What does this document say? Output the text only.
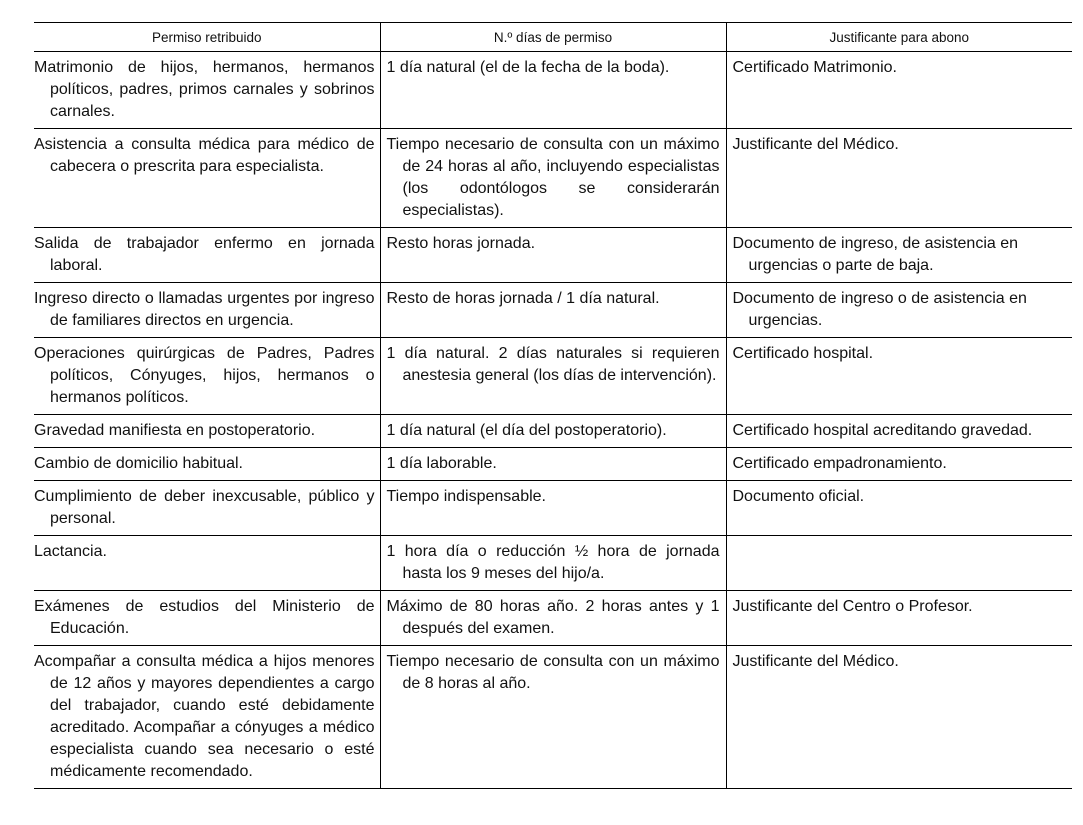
Permiso retribuido	N.º días de permiso	Justificante para abono
Matrimonio de hijos, hermanos, hermanos políticos, padres, primos carnales y sobrinos carnales.	1 día natural (el de la fecha de la boda).	Certificado Matrimonio.
Asistencia a consulta médica para médico de cabecera o prescrita para especialista.	Tiempo necesario de consulta con un máximo de 24 horas al año, incluyendo especialistas (los odontólogos se considerarán especialistas).	Justificante del Médico.
Salida de trabajador enfermo en jornada laboral.	Resto horas jornada.	Documento de ingreso, de asistencia en urgencias o parte de baja.
Ingreso directo o llamadas urgentes por ingreso de familiares directos en urgencia.	Resto de horas jornada / 1 día natural.	Documento de ingreso o de asistencia en urgencias.
Operaciones quirúrgicas de Padres, Padres políticos, Cónyuges, hijos, hermanos o hermanos políticos.	1 día natural. 2 días naturales si requieren anestesia general (los días de intervención).	Certificado hospital.
Gravedad manifiesta en postoperatorio.	1 día natural (el día del postoperatorio).	Certificado hospital acreditando gravedad.
Cambio de domicilio habitual.	1 día laborable.	Certificado empadronamiento.
Cumplimiento de deber inexcusable, público y personal.	Tiempo indispensable.	Documento oficial.
Lactancia.	1 hora día o reducción ½ hora de jornada hasta los 9 meses del hijo/a.	
Exámenes de estudios del Ministerio de Educación.	Máximo de 80 horas año. 2 horas antes y 1 después del examen.	Justificante del Centro o Profesor.
Acompañar a consulta médica a hijos menores de 12 años y mayores dependientes a cargo del trabajador, cuando esté debidamente acreditado. Acompañar a cónyuges a médico especialista cuando sea necesario o esté médicamente recomendado.	Tiempo necesario de consulta con un máximo de 8 horas al año.	Justificante del Médico.
